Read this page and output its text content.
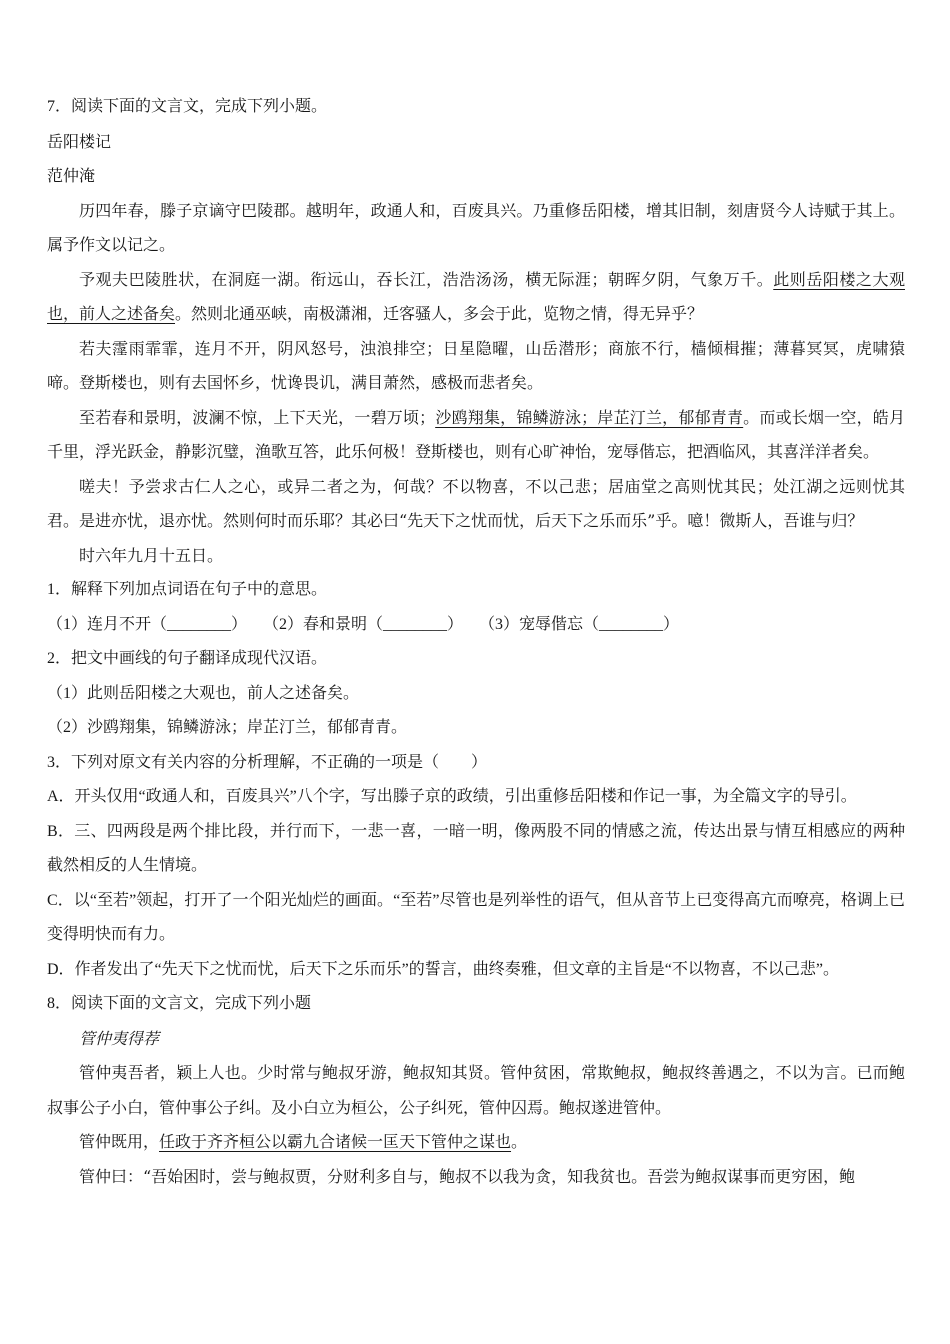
7．阅读下面的文言文，完成下列小题。

岳阳楼记

范仲淹

历四年春，滕子京谪守巴陵郡。越明年，政通人和，百废具兴。乃重修岳阳楼，增其旧制，刻唐贤今人诗赋于其上。属予作文以记之。

予观夫巴陵胜状，在洞庭一湖。衔远山，吞长江，浩浩汤汤，横无际涯；朝晖夕阴，气象万千。此则岳阳楼之大观也，前人之述备矣。然则北通巫峡，南极潇湘，迁客骚人，多会于此，览物之情，得无异乎？

若夫霪雨霏霏，连月不开，阴风怒号，浊浪排空；日星隐曜，山岳潜形；商旅不行，樯倾楫摧；薄暮冥冥，虎啸猿啼。登斯楼也，则有去国怀乡，忧谗畏讥，满目萧然，感极而悲者矣。

至若春和景明，波澜不惊，上下天光，一碧万顷；沙鸥翔集，锦鳞游泳；岸芷汀兰，郁郁青青。而或长烟一空，皓月千里，浮光跃金，静影沉璧，渔歌互答，此乐何极！登斯楼也，则有心旷神怡，宠辱偕忘，把酒临风，其喜洋洋者矣。

嗟夫！予尝求古仁人之心，或异二者之为，何哉？不以物喜，不以己悲；居庙堂之高则忧其民；处江湖之远则忧其君。是进亦忧，退亦忧。然则何时而乐耶？其必曰“先天下之忧而忧，后天下之乐而乐”乎。噫！微斯人，吾谁与归？

时六年九月十五日。

1．解释下列加点词语在句子中的意思。

（1）连月不开（________）　　（2）春和景明（________）　　（3）宠辱偕忘（________）

2．把文中画线的句子翻译成现代汉语。

（1）此则岳阳楼之大观也，前人之述备矣。

（2）沙鸥翔集，锦鳞游泳；岸芷汀兰，郁郁青青。

3．下列对原文有关内容的分析理解，不正确的一项是（　　）

A．开头仅用“政通人和，百废具兴”八个字，写出滕子京的政绩，引出重修岳阳楼和作记一事，为全篇文字的导引。

B．三、四两段是两个排比段，并行而下，一悲一喜，一暗一明，像两股不同的情感之流，传达出景与情互相感应的两种截然相反的人生情境。

C．以“至若”领起，打开了一个阳光灿烂的画面。“至若”尽管也是列举性的语气，但从音节上已变得高亢而嘹亮，格调上已变得明快而有力。

D．作者发出了“先天下之忧而忧，后天下之乐而乐”的誓言，曲终奏雅，但文章的主旨是“不以物喜，不以己悲”。

8．阅读下面的文言文，完成下列小题

管仲夷得荐

管仲夷吾者，颖上人也。少时常与鲍叔牙游，鲍叔知其贤。管仲贫困，常欺鲍叔，鲍叔终善遇之，不以为言。已而鲍叔事公子小白，管仲事公子纠。及小白立为桓公，公子纠死，管仲囚焉。鲍叔遂进管仲。

管仲既用，任政于齐齐桓公以霸九合诸候一匡天下管仲之谋也。

管仲曰：“吾始困时，尝与鲍叔贾，分财利多自与，鲍叔不以我为贪，知我贫也。吾尝为鲍叔谋事而更穷困，鲍
